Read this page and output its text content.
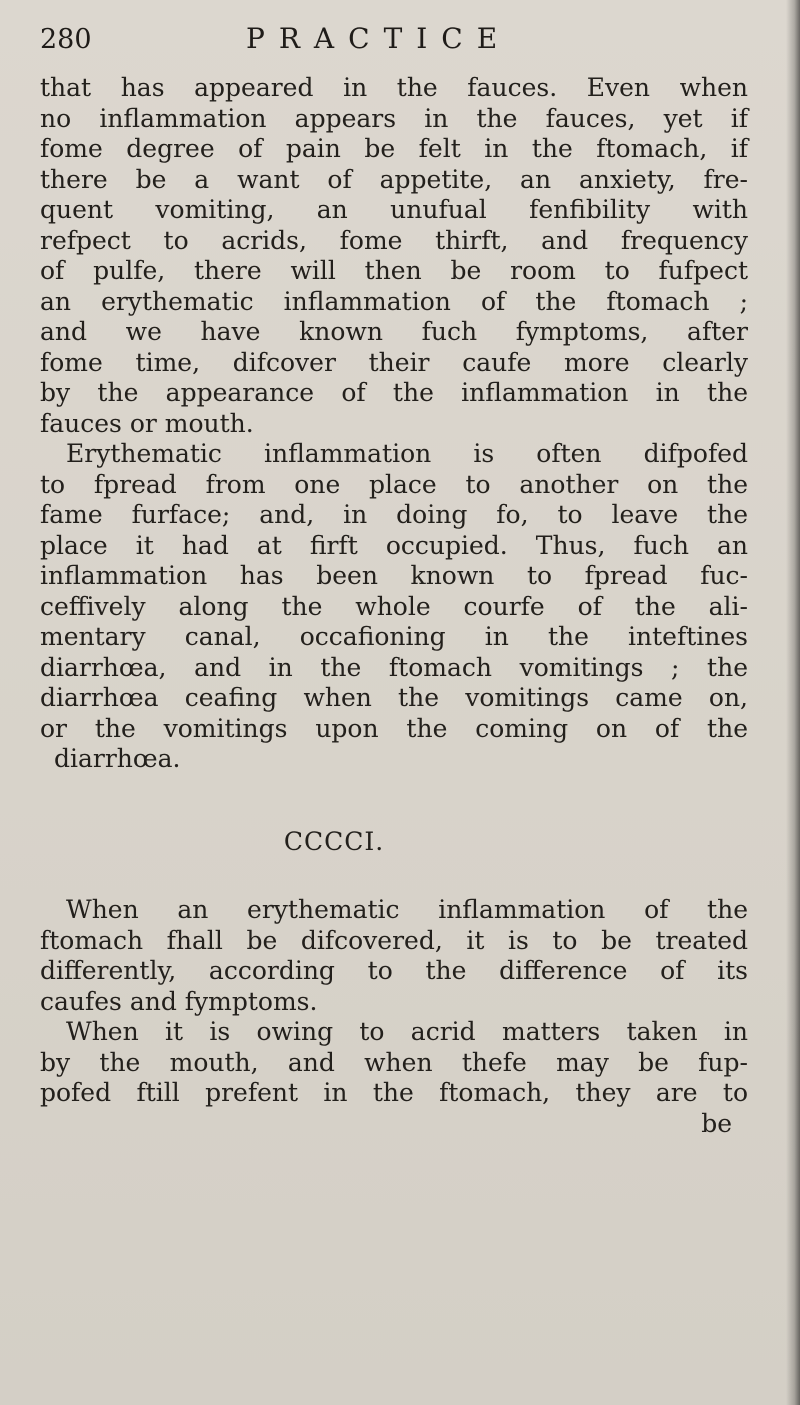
280	PRACTICE
that has appeared in the fauces. Even when
no inflammation appears in the fauces, yet if
fome degree of pain be felt in the ftomach, if
there be a want of appetite, an anxiety, fre-
quent vomiting, an unufual fenfibility with
refpect to acrids, fome thirft, and frequency
of pulfe, there will then be room to fufpect
an erythematic inflammation of the ftomach ;
and we have known fuch fymptoms, after
fome time, difcover their caufe more clearly
by the appearance of the inflammation in the
fauces or mouth.
Erythematic inflammation is often difpofed
to fpread from one place to another on the
fame furface; and, in doing fo, to leave the
place it had at firft occupied. Thus, fuch an
inflammation has been known to fpread fuc-
ceffively along the whole courfe of the ali-
mentary canal, occafioning in the inteftines
diarrhœa, and in the ftomach vomitings ; the
diarrhœa ceafing when the vomitings came on,
or the vomitings upon the coming on of the
diarrhœa.
CCCCI.
When an erythematic inflammation of the
ftomach fhall be difcovered, it is to be treated
differently, according to the difference of its
caufes and fymptoms.
When it is owing to acrid matters taken in
by the mouth, and when thefe may be fup-
pofed ftill prefent in the ftomach, they are to
be
